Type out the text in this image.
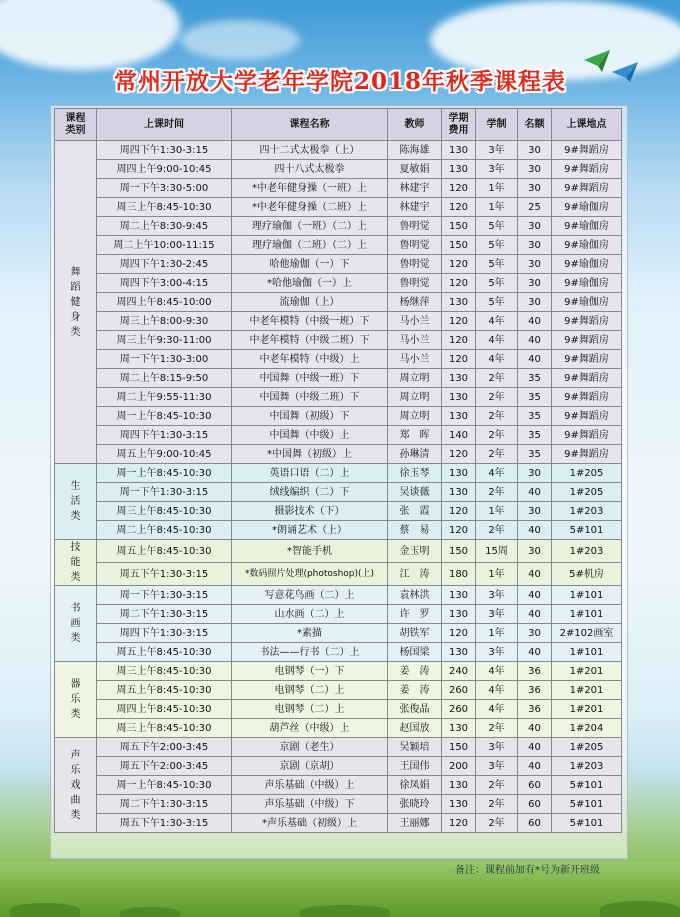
常州开放大学老年学院2018年秋季课程表
课程类别	上课时间	课程名称	教师	学期费用	学制	名额	上课地点

舞蹈健身类	周四下午1:30-3:15	四十二式太极拳（上）	陈海雄	130	3年	30	9#舞蹈房
	周四上午9:00-10:45	四十八式太极拳	夏敏娟	130	3年	30	9#舞蹈房
	周一下午3:30-5:00	*中老年健身操（一班）上	林建宇	120	1年	30	9#舞蹈房
	周三上午8:45-10:30	*中老年健身操（二班）上	林建宇	120	1年	25	9#瑜伽房
	周二上午8:30-9:45	理疗瑜伽（一班）（二）上	鲁明觉	150	5年	30	9#瑜伽房
	周二上午10:00-11:15	理疗瑜伽（二班）（二）上	鲁明觉	150	5年	30	9#瑜伽房
	周四下午1:30-2:45	哈他瑜伽（一）下	鲁明觉	120	5年	30	9#瑜伽房
	周四下午3:00-4:15	*哈他瑜伽（一）上	鲁明觉	120	5年	30	9#瑜伽房
	周四上午8:45-10:00	流瑜伽（上）	杨继萍	130	5年	30	9#瑜伽房
	周三上午8:00-9:30	中老年模特（中级一班）下	马小兰	120	4年	40	9#舞蹈房
	周三上午9:30-11:00	中老年模特（中级二班）下	马小兰	120	4年	40	9#舞蹈房
	周一下午1:30-3:00	中老年模特（中级）上	马小兰	120	4年	40	9#舞蹈房
	周二上午8:15-9:50	中国舞（中级一班）下	周立明	130	2年	35	9#舞蹈房
	周二上午9:55-11:30	中国舞（中级二班）下	周立明	130	2年	35	9#舞蹈房
	周一上午8:45-10:30	中国舞（初级）下	周立明	130	2年	35	9#舞蹈房
	周四下午1:30-3:15	中国舞（中级）上	郑　晖	140	2年	35	9#舞蹈房
	周五上午9:00-10:45	*中国舞（初级）上	孙琳清	120	2年	35	9#舞蹈房

生活类	周一上午8:45-10:30	英语口语（二）上	徐玉琴	130	4年	30	1#205
	周一下午1:30-3:15	绒线编织（二）下	吴谈薇	130	2年	40	1#205
	周三上午8:45-10:30	摄影技术（下）	张　霞	120	1年	30	1#203
	周二上午8:45-10:30	*朗诵艺术（上）	蔡　易	120	2年	40	5#101

技能类	周五上午8:45-10:30	*智能手机	金玉明	150	15周	30	1#203
	周五下午1:30-3:15	*数码照片处理(photoshop)(上)	江　涛	180	1年	40	5#机房

书画类	周一下午1:30-3:15	写意花鸟画（二）上	袁林洪	130	3年	40	1#101
	周二下午1:30-3:15	山水画（二）上	许　罗	130	3年	40	1#101
	周四下午1:30-3:15	*素描	胡铁军	120	1年	30	2#102画室
	周五上午8:45-10:30	书法——行书（二）上	杨国梁	130	3年	40	1#101

器乐类	周三上午8:45-10:30	电钢琴（一）下	姜　涛	240	4年	36	1#201
	周五上午8:45-10:30	电钢琴（二）上	姜　涛	260	4年	36	1#201
	周四上午8:45-10:30	电钢琴（二）上	张俊晶	260	4年	36	1#201
	周三上午8:45-10:30	葫芦丝（中级）上	赵国放	130	2年	40	1#204

声乐戏曲类	周五下午2:00-3:45	京剧（老生）	吴颖培	150	3年	40	1#205
	周五下午2:00-3:45	京剧（京胡）	王国伟	200	3年	40	1#203
	周一上午8:45-10:30	声乐基础（中级）上	徐凤娟	130	2年	60	5#101
	周二下午1:30-3:15	声乐基础（中级）下	张晓玲	130	2年	60	5#101
	周五下午1:30-3:15	*声乐基础（初级）上	王丽娜	120	2年	60	5#101
备注：课程前加有*号为新开班级
